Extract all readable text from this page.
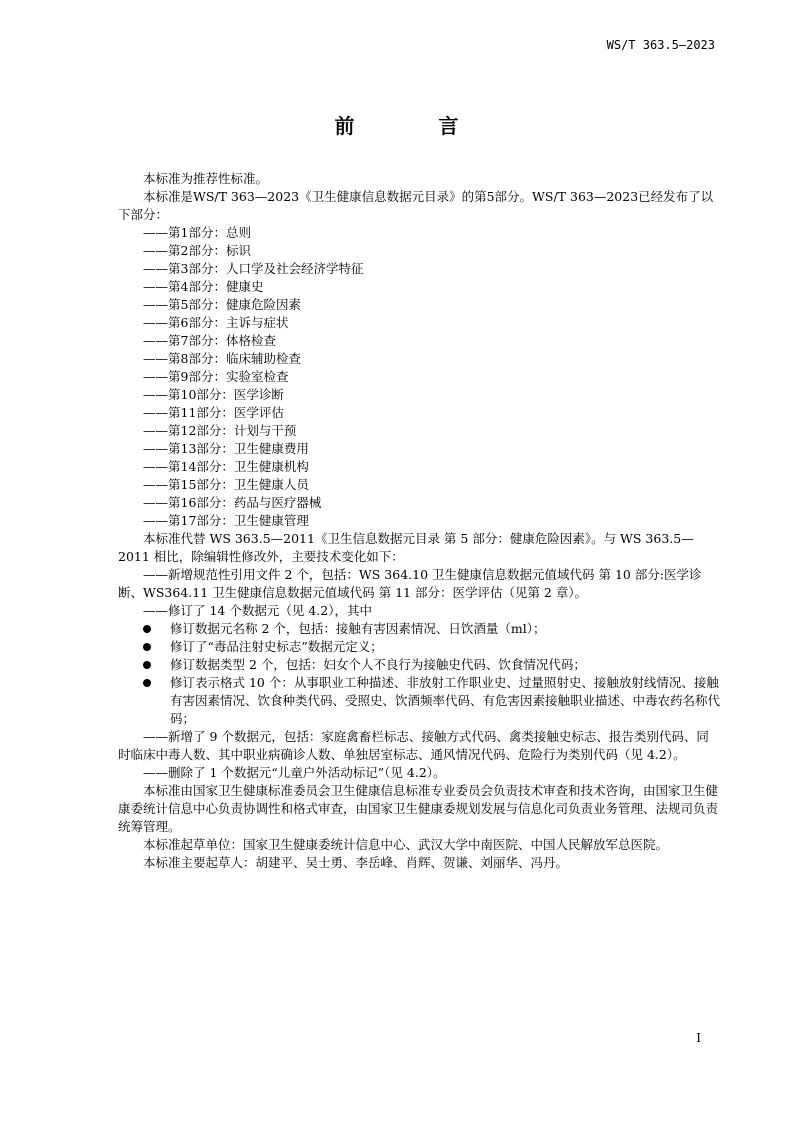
WS/T 363.5—2023
前　言

本标准为推荐性标准。

本标准是WS/T 363—2023《卫生健康信息数据元目录》的第5部分。WS/T 363—2023已经发布了以下部分：

——第1部分：总则

——第2部分：标识

——第3部分：人口学及社会经济学特征

——第4部分：健康史

——第5部分：健康危险因素

——第6部分：主诉与症状

——第7部分：体格检查

——第8部分：临床辅助检查

——第9部分：实验室检查

——第10部分：医学诊断

——第11部分：医学评估

——第12部分：计划与干预

——第13部分：卫生健康费用

——第14部分：卫生健康机构

——第15部分：卫生健康人员

——第16部分：药品与医疗器械

——第17部分：卫生健康管理

本标准代替 WS 363.5—2011《卫生信息数据元目录 第 5 部分：健康危险因素》。与 WS 363.5—2011 相比，除编辑性修改外，主要技术变化如下：

——新增规范性引用文件 2 个，包括：WS 364.10 卫生健康信息数据元值域代码 第 10 部分:医学诊断、WS364.11 卫生健康信息数据元值域代码 第 11 部分：医学评估（见第 2 章）。

——修订了 14 个数据元（见 4.2），其中

修订数据元名称 2 个，包括：接触有害因素情况、日饮酒量（ml）；
修订了“毒品注射史标志”数据元定义；
修订数据类型 2 个，包括：妇女个人不良行为接触史代码、饮食情况代码；
修订表示格式 10 个：从事职业工种描述、非放射工作职业史、过量照射史、接触放射线情况、接触有害因素情况、饮食种类代码、受照史、饮酒频率代码、有危害因素接触职业描述、中毒农药名称代码；

——新增了 9 个数据元，包括：家庭禽畜栏标志、接触方式代码、禽类接触史标志、报告类别代码、同时临床中毒人数、其中职业病确诊人数、单独居室标志、通风情况代码、危险行为类别代码（见 4.2）。

——删除了 1 个数据元“儿童户外活动标记”（见 4.2）。

本标准由国家卫生健康标准委员会卫生健康信息标准专业委员会负责技术审查和技术咨询，由国家卫生健康委统计信息中心负责协调性和格式审查，由国家卫生健康委规划发展与信息化司负责业务管理、法规司负责统筹管理。

本标准起草单位：国家卫生健康委统计信息中心、武汉大学中南医院、中国人民解放军总医院。

本标准主要起草人：胡建平、吴士勇、李岳峰、肖辉、贺谦、刘丽华、冯丹。

I
